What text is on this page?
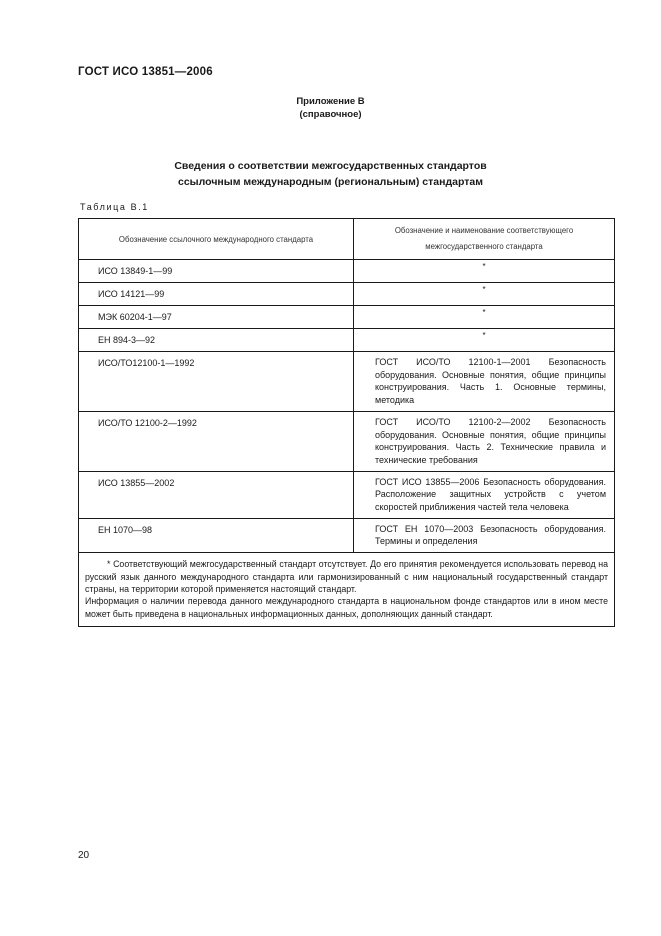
ГОСТ ИСО 13851—2006
Приложение В
(справочное)
Сведения о соответствии межгосударственных стандартов
ссылочным международным (региональным) стандартам
Таблица В.1
Обозначение ссылочного международного стандарта	Обозначение и наименование соответствующего межгосударственного стандарта
ИСО 13849-1—99	*
ИСО 14121—99	*
МЭК 60204-1—97	*
ЕН 894-3—92	*
ИСО/ТО12100-1—1992	ГОСТ ИСО/ТО 12100-1—2001 Безопасность оборудования. Основные понятия, общие принципы конструирования. Часть 1. Основные термины, методика
ИСО/ТО 12100-2—1992	ГОСТ ИСО/ТО 12100-2—2002 Безопасность оборудования. Основные понятия, общие принципы конструирования. Часть 2. Технические правила и технические требования
ИСО 13855—2002	ГОСТ ИСО 13855—2006 Безопасность оборудования. Расположение защитных устройств с учетом скоростей приближения частей тела человека
ЕН 1070—98	ГОСТ ЕН 1070—2003 Безопасность оборудования. Термины и определения

* Соответствующий межгосударственный стандарт отсутствует. До его принятия рекомендуется использовать перевод на русский язык данного международного стандарта или гармонизированный с ним национальный государственный стандарт страны, на территории которой применяется настоящий стандарт.
Информация о наличии перевода данного международного стандарта в национальном фонде стандартов или в ином месте может быть приведена в национальных информационных данных, дополняющих данный стандарт.	
20
